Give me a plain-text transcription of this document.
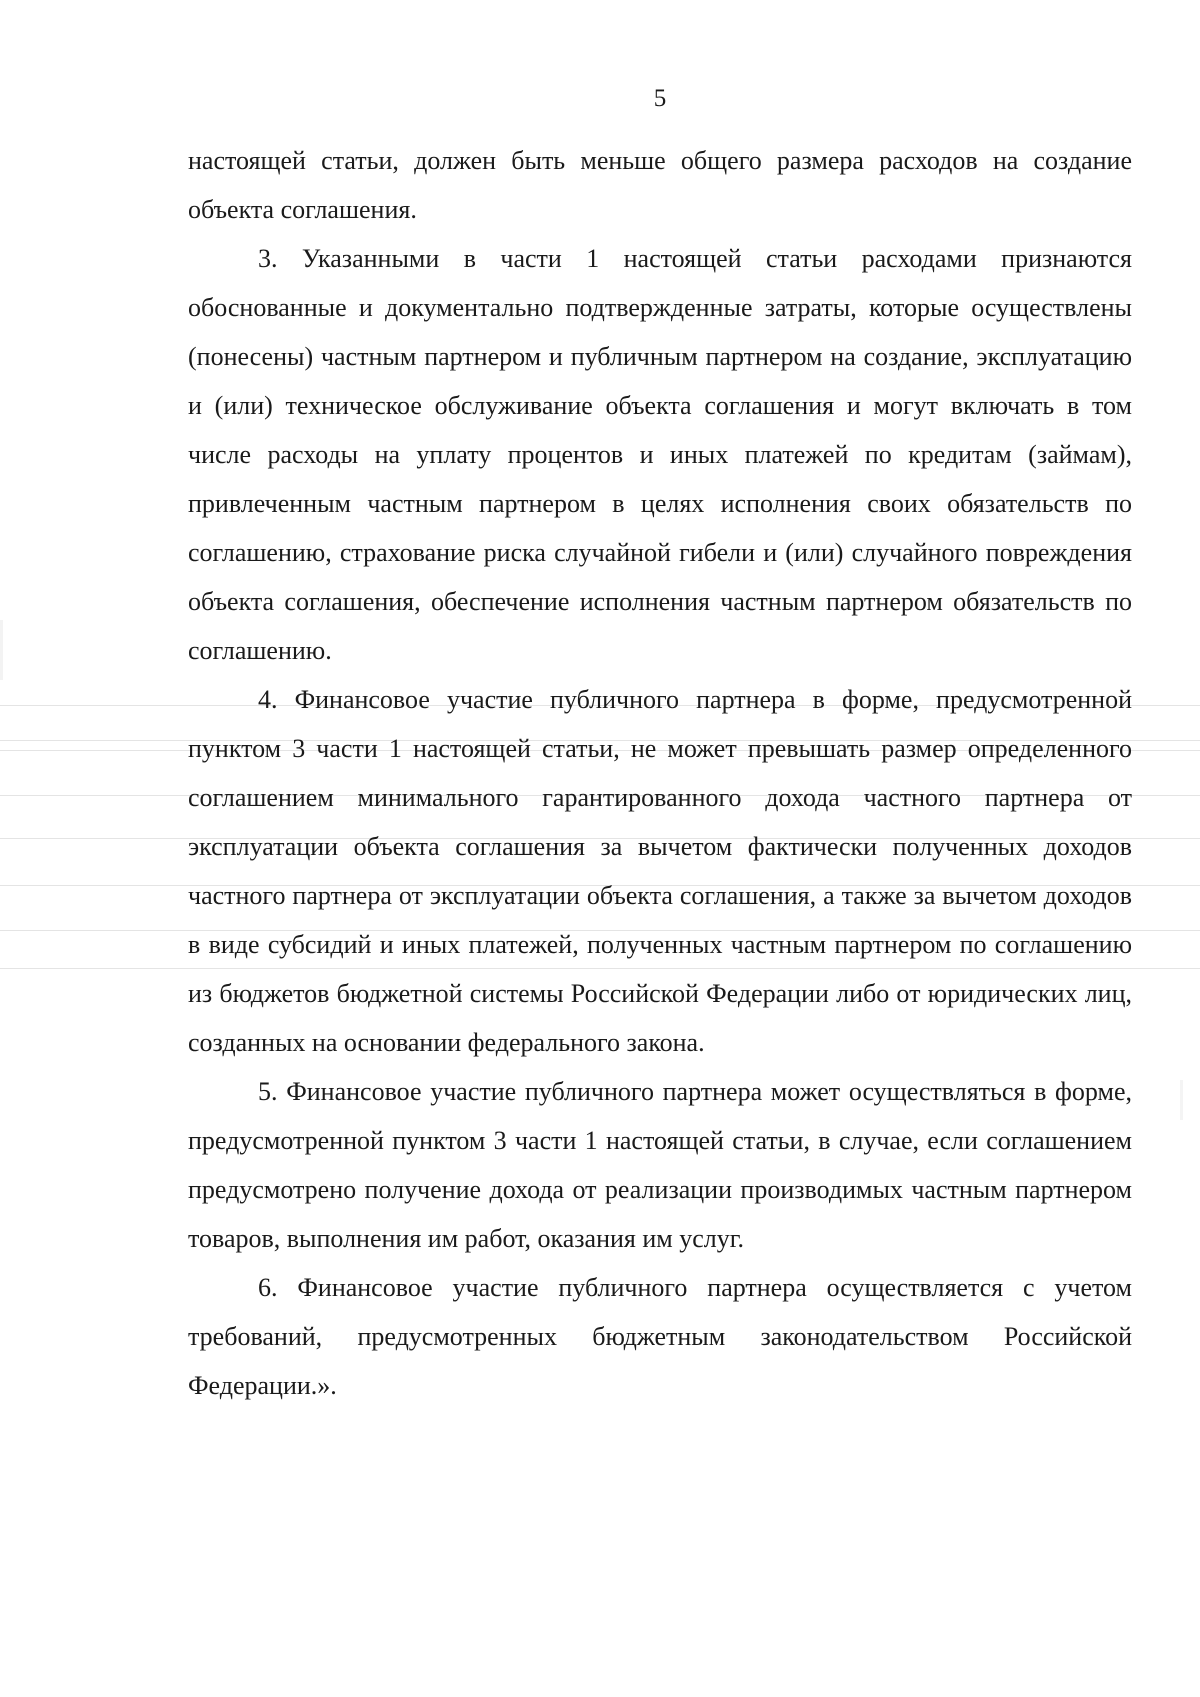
5

настоящей статьи, должен быть меньше общего размера расходов на создание объекта соглашения.

3. Указанными в части 1 настоящей статьи расходами признаются обоснованные и документально подтвержденные затраты, которые осуществлены (понесены) частным партнером и публичным партнером на создание, эксплуатацию и (или) техническое обслуживание объекта соглашения и могут включать в том числе расходы на уплату процентов и иных платежей по кредитам (займам), привлеченным частным партнером в целях исполнения своих обязательств по соглашению, страхование риска случайной гибели и (или) случайного повреждения объекта соглашения, обеспечение исполнения частным партнером обязательств по соглашению.

4. Финансовое участие публичного партнера в форме, предусмотренной пунктом 3 части 1 настоящей статьи, не может превышать размер определенного соглашением минимального гарантированного дохода частного партнера от эксплуатации объекта соглашения за вычетом фактически полученных доходов частного партнера от эксплуатации объекта соглашения, а также за вычетом доходов в виде субсидий и иных платежей, полученных частным партнером по соглашению из бюджетов бюджетной системы Российской Федерации либо от юридических лиц, созданных на основании федерального закона.

5. Финансовое участие публичного партнера может осуществляться в форме, предусмотренной пунктом 3 части 1 настоящей статьи, в случае, если соглашением предусмотрено получение дохода от реализации производимых частным партнером товаров, выполнения им работ, оказания им услуг.

6. Финансовое участие публичного партнера осуществляется с учетом требований, предусмотренных бюджетным законодательством Российской Федерации.».
